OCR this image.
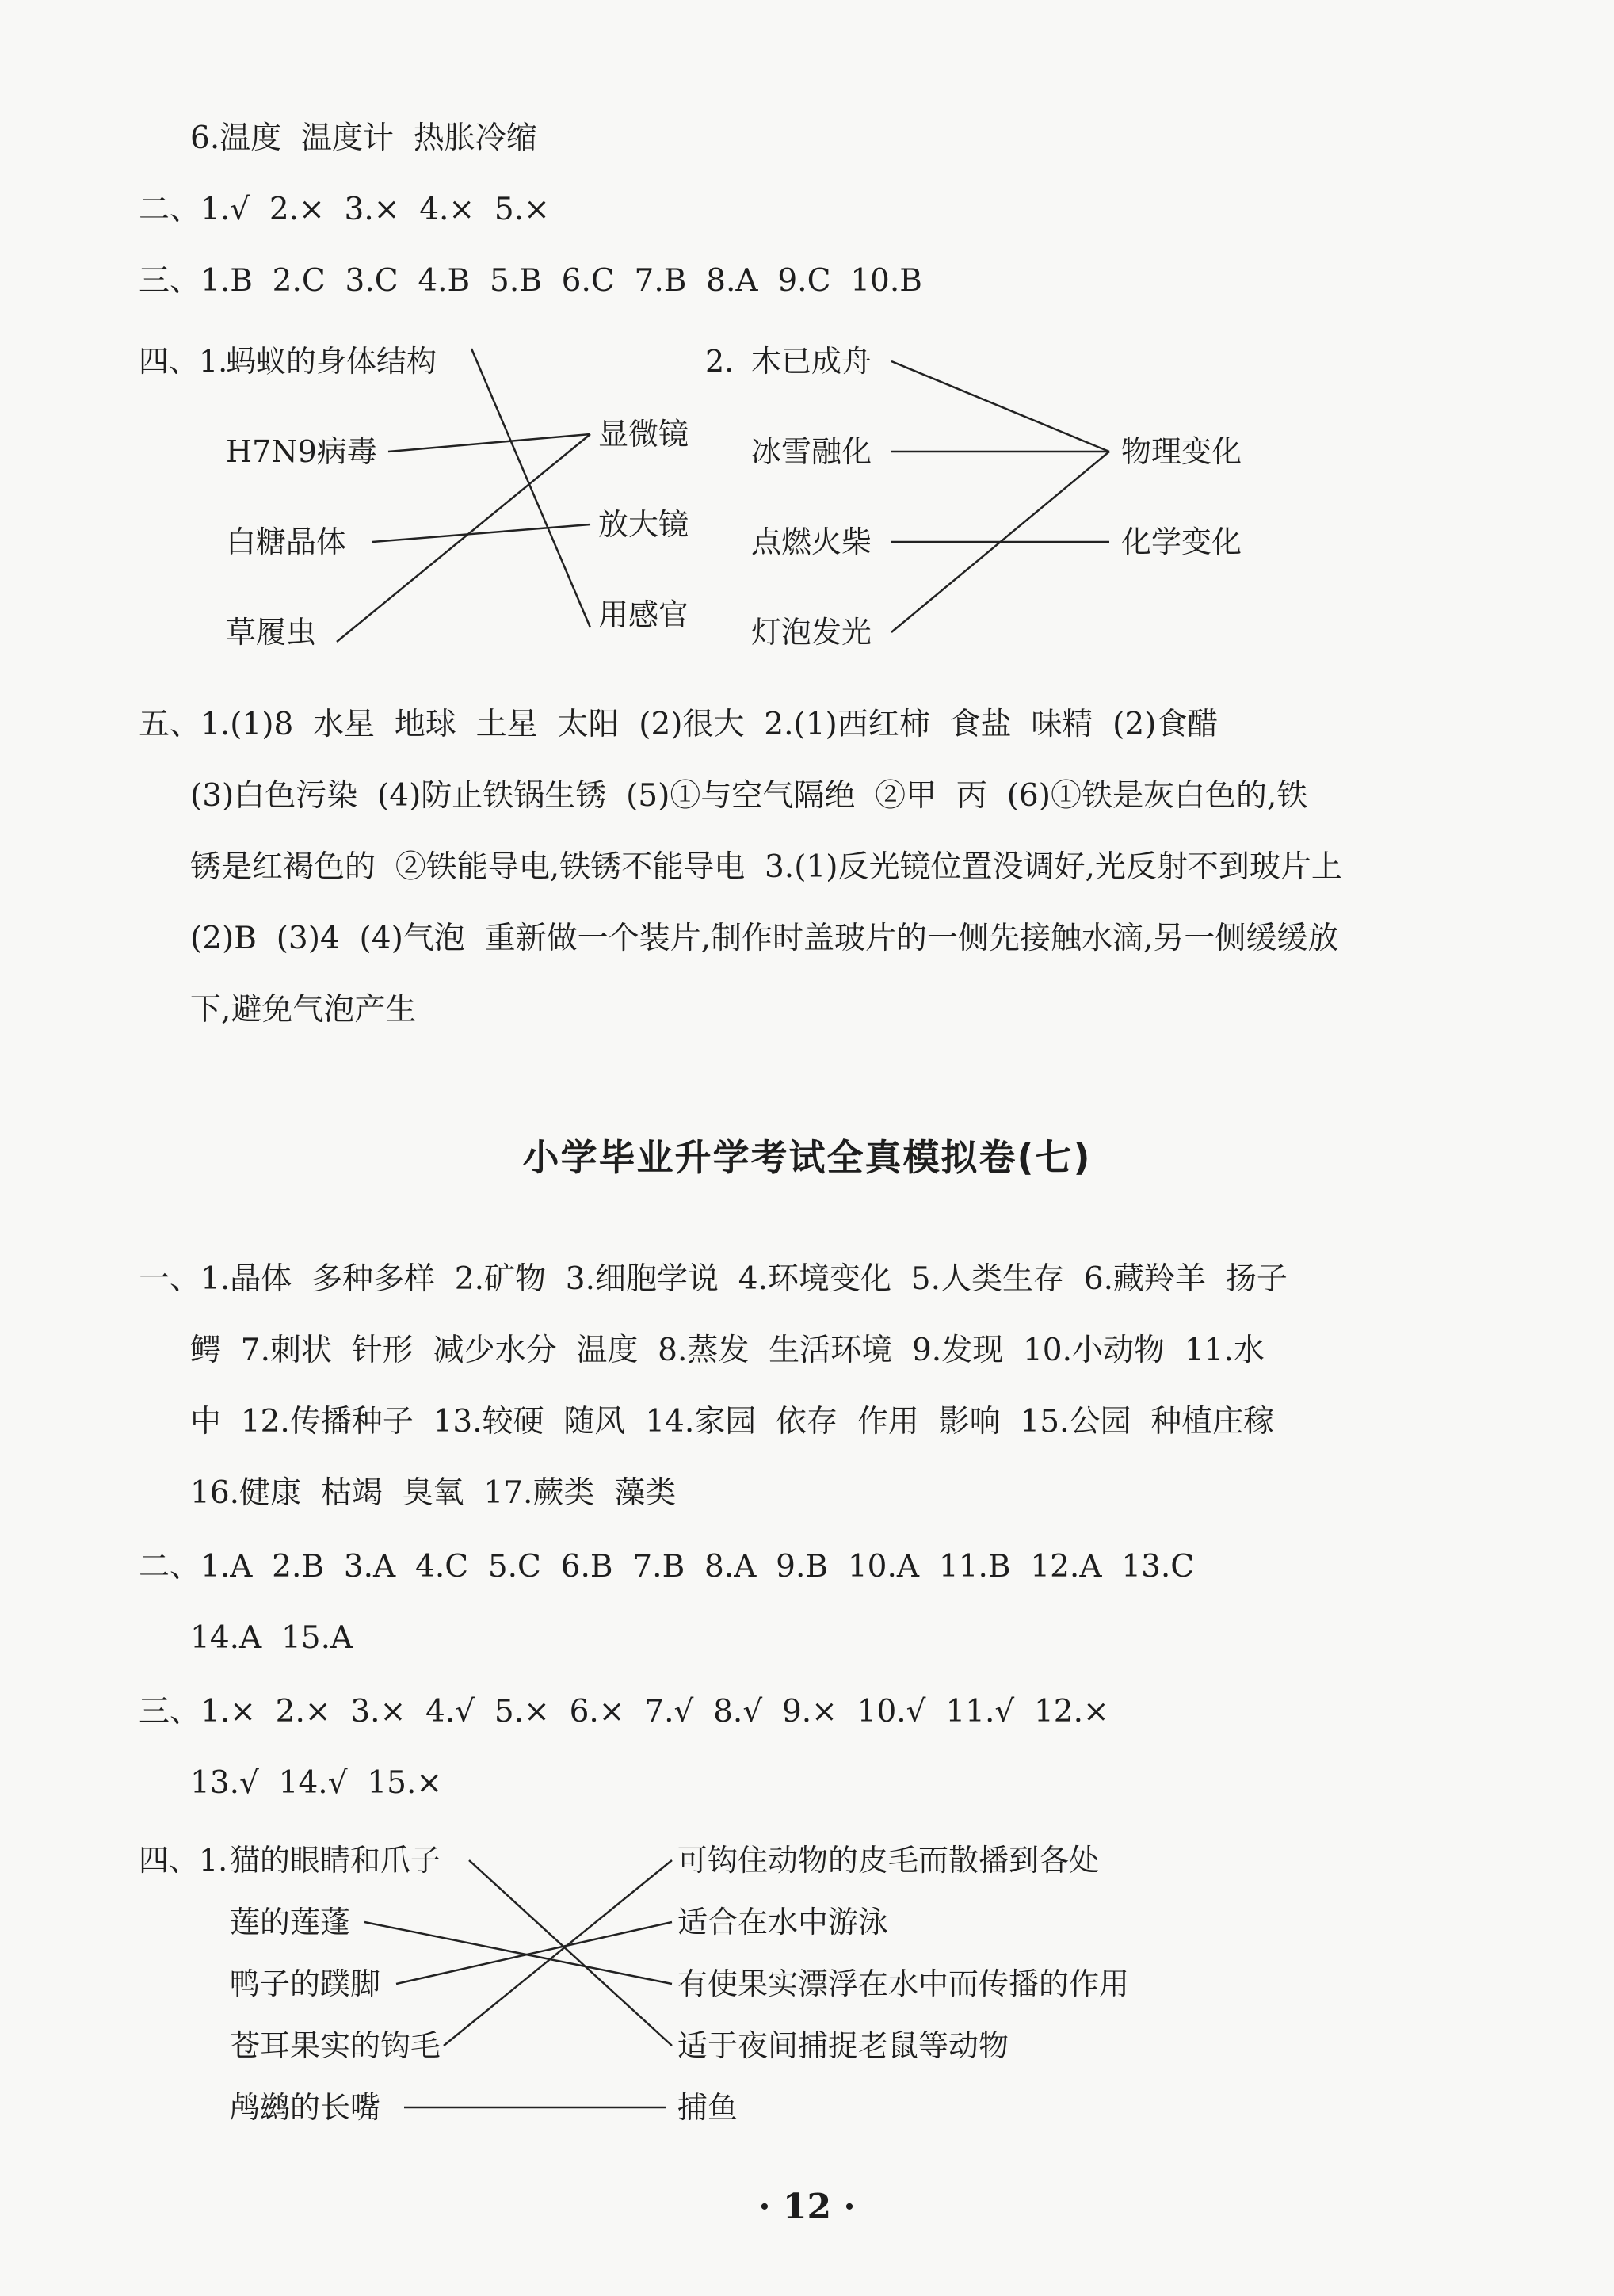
6.温度  温度计  热胀冷缩
二、1.√  2.×  3.×  4.×  5.×
三、1.B  2.C  3.C  4.B  5.B  6.C  7.B  8.A  9.C  10.B
四、1.
蚂蚁的身体结构
H7N9病毒
白糖晶体
草履虫
显微镜
放大镜
用感官
2. 木已成舟
冰雪融化
点燃火柴
灯泡发光
物理变化
化学变化
五、1.(1)8  水星  地球  土星  太阳  (2)很大  2.(1)西红柿  食盐  味精  (2)食醋
(3)白色污染  (4)防止铁锅生锈  (5)①与空气隔绝  ②甲  丙  (6)①铁是灰白色的,铁
锈是红褐色的  ②铁能导电,铁锈不能导电  3.(1)反光镜位置没调好,光反射不到玻片上
(2)B  (3)4  (4)气泡  重新做一个装片,制作时盖玻片的一侧先接触水滴,另一侧缓缓放
下,避免气泡产生
小学毕业升学考试全真模拟卷(七)
一、1.晶体  多种多样  2.矿物  3.细胞学说  4.环境变化  5.人类生存  6.藏羚羊  扬子
鳄  7.刺状  针形  减少水分  温度  8.蒸发  生活环境  9.发现  10.小动物  11.水
中  12.传播种子  13.较硬  随风  14.家园  依存  作用  影响  15.公园  种植庄稼
16.健康  枯竭  臭氧  17.蕨类  藻类
二、1.A  2.B  3.A  4.C  5.C  6.B  7.B  8.A  9.B  10.A  11.B  12.A  13.C
14.A  15.A
三、1.×  2.×  3.×  4.√  5.×  6.×  7.√  8.√  9.×  10.√  11.√  12.×
13.√  14.√  15.×
四、1. 猫的眼睛和爪子
莲的莲蓬
鸭子的蹼脚
苍耳果实的钩毛
鸬鹚的长嘴
可钩住动物的皮毛而散播到各处
适合在水中游泳
有使果实漂浮在水中而传播的作用
适于夜间捕捉老鼠等动物
捕鱼
· 12 ·
